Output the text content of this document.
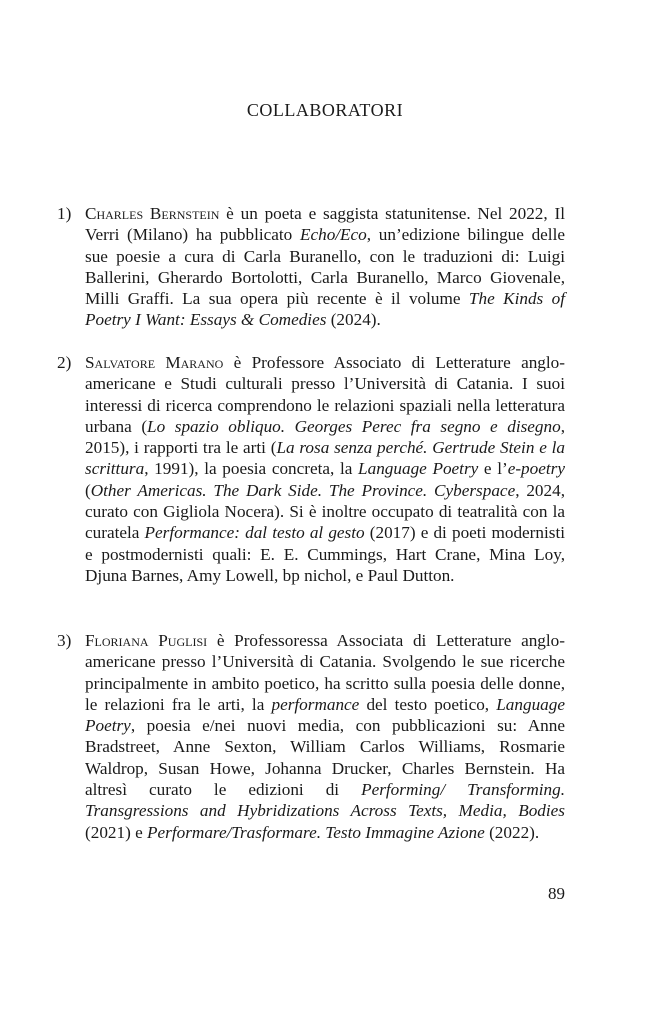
COLLABORATORI
1) Charles Bernstein è un poeta e saggista statunitense. Nel 2022, Il Verri (Milano) ha pubblicato Echo/Eco, un’edizione bilingue delle sue poesie a cura di Carla Buranello, con le traduzioni di: Luigi Ballerini, Gherardo Bortolotti, Carla Buranello, Marco Giovenale, Milli Graffi. La sua opera più recente è il volume The Kinds of Poetry I Want: Essays & Comedies (2024).
2) Salvatore Marano è Professore Associato di Letterature angloamericane e Studi culturali presso l’Università di Catania. I suoi interessi di ricerca comprendono le relazioni spaziali nella letteratura urbana (Lo spazio obliquo. Georges Perec fra segno e disegno, 2015), i rapporti tra le arti (La rosa senza perché. Gertrude Stein e la scrittura, 1991), la poesia concreta, la Language Poetry e l’e-poetry (Other Americas. The Dark Side. The Province. Cyberspace, 2024, curato con Gigliola Nocera). Si è inoltre occupato di teatralità con la curatela Performance: dal testo al gesto (2017) e di poeti modernisti e postmodernisti quali: E. E. Cummings, Hart Crane, Mina Loy, Djuna Barnes, Amy Lowell, bp nichol, e Paul Dutton.
3) Floriana Puglisi è Professoressa Associata di Letterature angloamericane presso l’Università di Catania. Svolgendo le sue ricerche principalmente in ambito poetico, ha scritto sulla poesia delle donne, le relazioni fra le arti, la performance del testo poetico, Language Poetry, poesia e/nei nuovi media, con pubblicazioni su: Anne Bradstreet, Anne Sexton, William Carlos Williams, Rosmarie Waldrop, Susan Howe, Johanna Drucker, Charles Bernstein. Ha altresì curato le edizioni di Performing/ Transforming. Transgressions and Hybridizations Across Texts, Media, Bodies (2021) e Performare/Trasformare. Testo Immagine Azione (2022).
89
